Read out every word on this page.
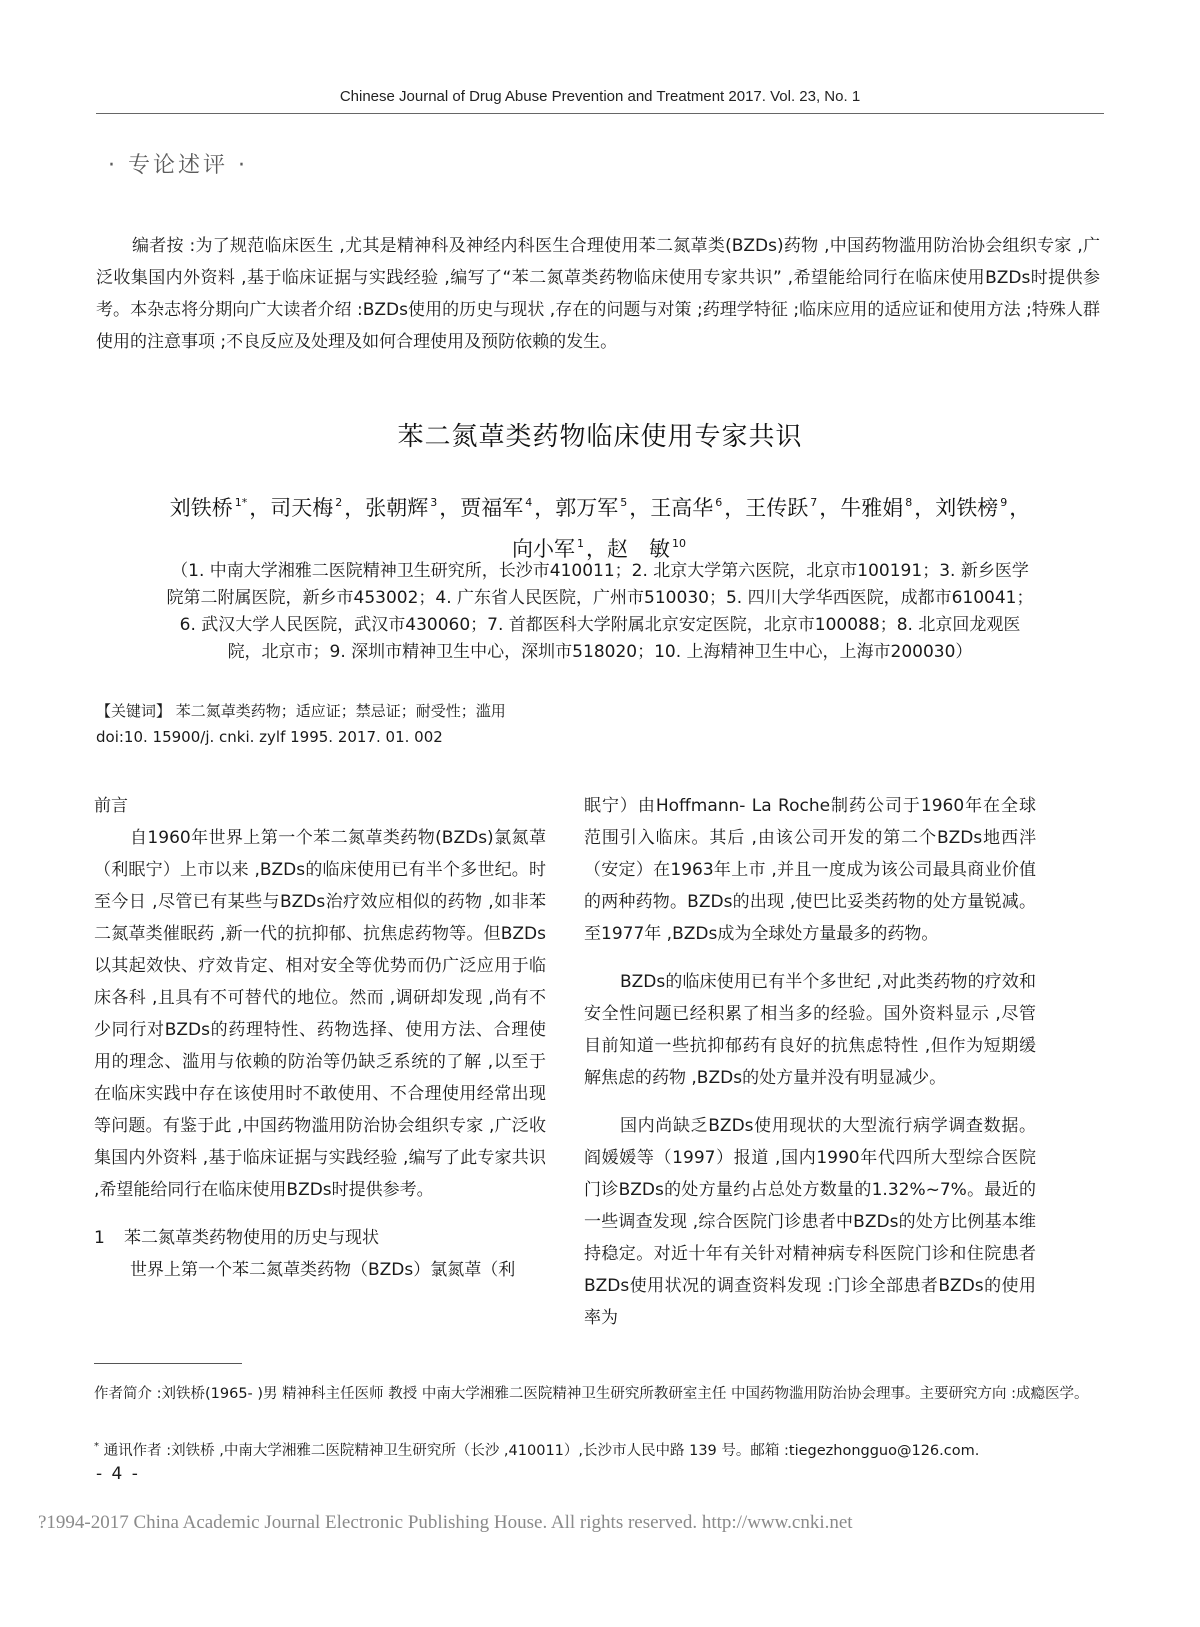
Chinese Journal of Drug Abuse Prevention and Treatment 2017. Vol. 23, No. 1
· 专论述评 ·
编者按 :为了规范临床医生 ,尤其是精神科及神经内科医生合理使用苯二氮䓬类(BZDs)药物 ,中国药物滥用防治协会组织专家 ,广泛收集国内外资料 ,基于临床证据与实践经验 ,编写了“苯二氮䓬类药物临床使用专家共识” ,希望能给同行在临床使用BZDs时提供参考。本杂志将分期向广大读者介绍 :BZDs使用的历史与现状 ,存在的问题与对策 ;药理学特征 ;临床应用的适应证和使用方法 ;特殊人群使用的注意事项 ;不良反应及处理及如何合理使用及预防依赖的发生。
苯二氮䓬类药物临床使用专家共识
刘铁桥 $^{1*}$，司天梅 $^2$，张朝辉 $^3$，贾福军 $^4$，郭万军 $^5$，王高华 $^6$，王传跃 $^7$，牛雅娟 $^8$，刘铁榜 $^9$，
向小军 $^1$，赵　敏 $^{10}$
（1. 中南大学湘雅二医院精神卫生研究所，长沙市410011；2. 北京大学第六医院，北京市100191；3. 新乡医学
院第二附属医院，新乡市453002；4. 广东省人民医院，广州市510030；5. 四川大学华西医院，成都市610041；
6. 武汉大学人民医院，武汉市430060；7. 首都医科大学附属北京安定医院，北京市100088；8. 北京回龙观医
院，北京市；9. 深圳市精神卫生中心，深圳市518020；10. 上海精神卫生中心，上海市200030）
【关键词】 苯二氮䓬类药物；适应证；禁忌证；耐受性；滥用
doi:10. 15900/j. cnki. zylf 1995. 2017. 01. 002

前言

自1960年世界上第一个苯二氮䓬类药物(BZDs)氯氮䓬（利眠宁）上市以来 ,BZDs的临床使用已有半个多世纪。时至今日 ,尽管已有某些与BZDs治疗效应相似的药物 ,如非苯二氮䓬类催眠药 ,新一代的抗抑郁、抗焦虑药物等。但BZDs以其起效快、疗效肯定、相对安全等优势而仍广泛应用于临床各科 ,且具有不可替代的地位。然而 ,调研却发现 ,尚有不少同行对BZDs的药理特性、药物选择、使用方法、合理使用的理念、滥用与依赖的防治等仍缺乏系统的了解 ,以至于在临床实践中存在该使用时不敢使用、不合理使用经常出现等问题。有鉴于此 ,中国药物滥用防治协会组织专家 ,广泛收集国内外资料 ,基于临床证据与实践经验 ,编写了此专家共识 ,希望能给同行在临床使用BZDs时提供参考。

1 苯二氮䓬类药物使用的历史与现状

世界上第一个苯二氮䓬类药物（BZDs）氯氮䓬（利

眠宁）由Hoffmann- La Roche制药公司于1960年在全球范围引入临床。其后 ,由该公司开发的第二个BZDs地西泮（安定）在1963年上市 ,并且一度成为该公司最具商业价值的两种药物。BZDs的出现 ,使巴比妥类药物的处方量锐减。至1977年 ,BZDs成为全球处方量最多的药物。

BZDs的临床使用已有半个多世纪 ,对此类药物的疗效和安全性问题已经积累了相当多的经验。国外资料显示 ,尽管目前知道一些抗抑郁药有良好的抗焦虑特性 ,但作为短期缓解焦虑的药物 ,BZDs的处方量并没有明显减少。

国内尚缺乏BZDs使用现状的大型流行病学调查数据。阎媛媛等（1997）报道 ,国内1990年代四所大型综合医院门诊BZDs的处方量约占总处方数量的1.32%~7%。最近的一些调查发现 ,综合医院门诊患者中BZDs的处方比例基本维持稳定。对近十年有关针对精神病专科医院门诊和住院患者BZDs使用状况的调查资料发现 :门诊全部患者BZDs的使用率为

作者简介 :刘铁桥(1965- )男 精神科主任医师 教授 中南大学湘雅二医院精神卫生研究所教研室主任 中国药物滥用防治协会理事。主要研究方向 :成瘾医学。
* 通讯作者 :刘铁桥 ,中南大学湘雅二医院精神卫生研究所（长沙 ,410011）,长沙市人民中路 139 号。邮箱 :tiegezhongguo@126.com.
- 4 -
?1994-2017 China Academic Journal Electronic Publishing House. All rights reserved. http://www.cnki.net
